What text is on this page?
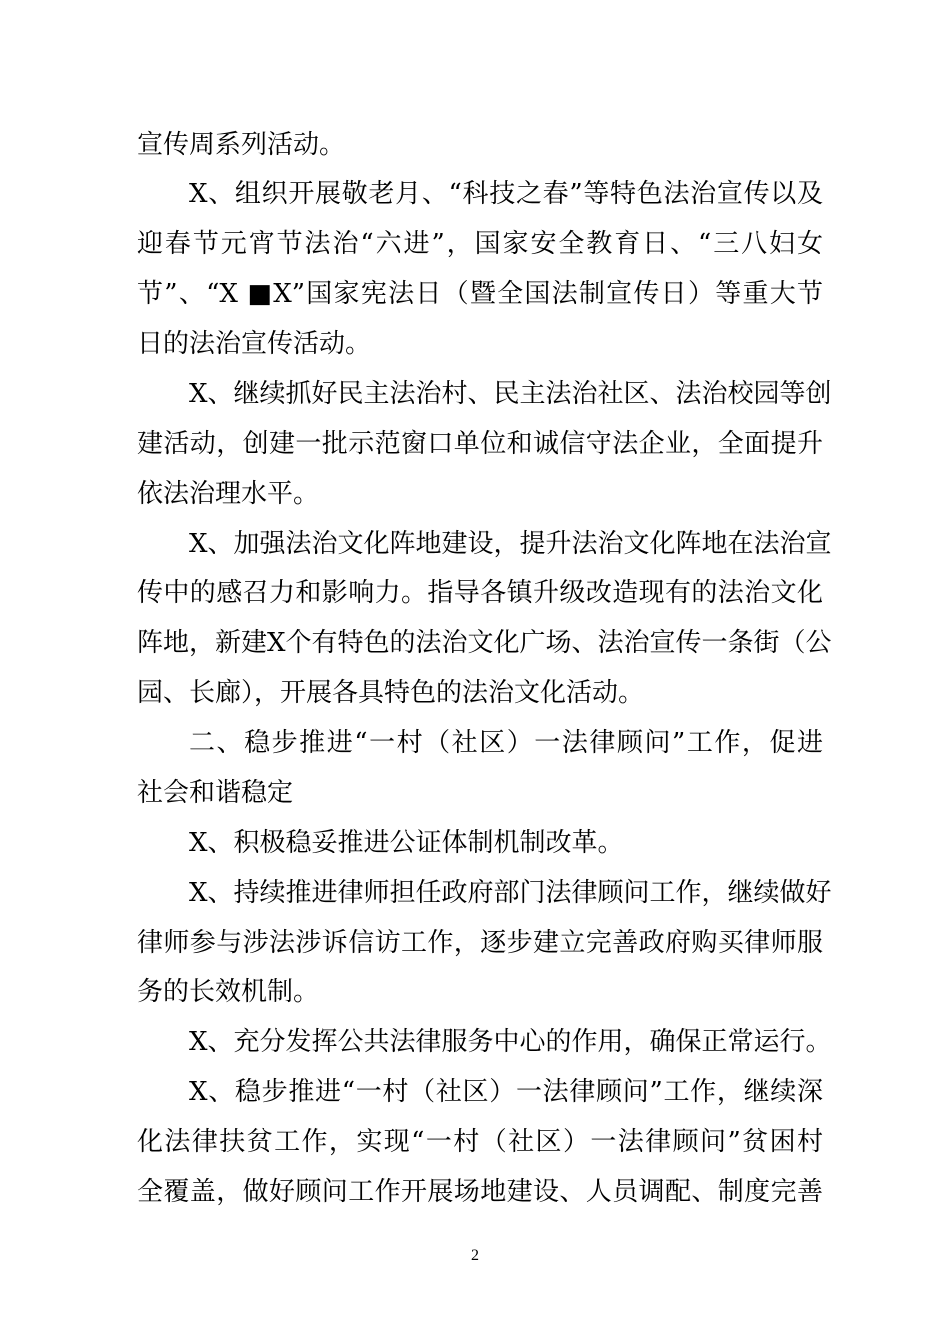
宣传周系列活动。
X、组织开展敬老月、“科技之春”等特色法治宣传以及
迎春节元宵节法治“六进”，国家安全教育日、“三八妇女
节”、“X ■X”国家宪法日（暨全国法制宣传日）等重大节
日的法治宣传活动。
X、继续抓好民主法治村、民主法治社区、法治校园等创
建活动，创建一批示范窗口单位和诚信守法企业，全面提升
依法治理水平。
X、加强法治文化阵地建设，提升法治文化阵地在法治宣
传中的感召力和影响力。指导各镇升级改造现有的法治文化
阵地，新建X个有特色的法治文化广场、法治宣传一条街（公
园、长廊），开展各具特色的法治文化活动。
二、稳步推进“一村（社区）一法律顾问”工作，促进
社会和谐稳定
X、积极稳妥推进公证体制机制改革。
X、持续推进律师担任政府部门法律顾问工作，继续做好
律师参与涉法涉诉信访工作，逐步建立完善政府购买律师服
务的长效机制。
X、充分发挥公共法律服务中心的作用，确保正常运行。
X、稳步推进“一村（社区）一法律顾问”工作，继续深
化法律扶贫工作，实现“一村（社区）一法律顾问”贫困村
全覆盖，做好顾问工作开展场地建设、人员调配、制度完善
2
